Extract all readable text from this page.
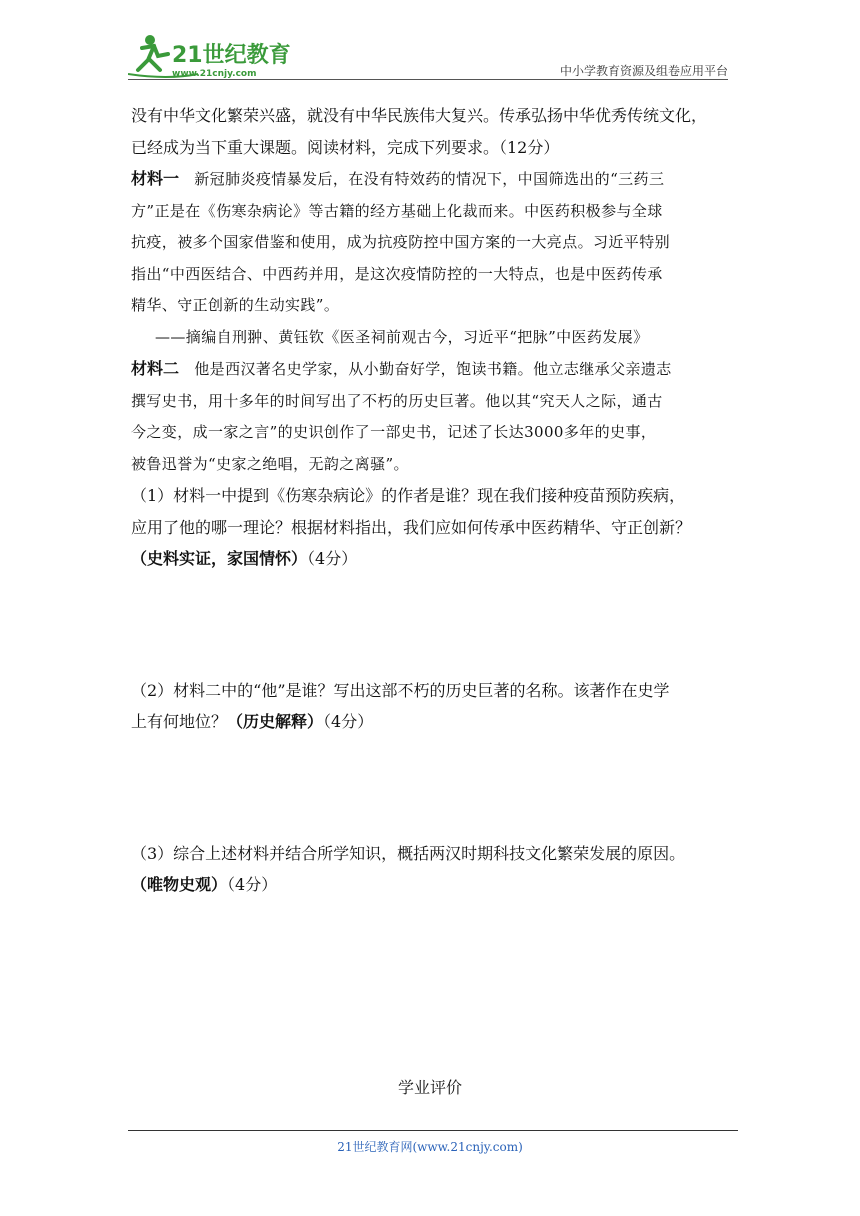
21世纪教育
www.21cnjy.com	中小学教育资源及组卷应用平台
没有中华文化繁荣兴盛，就没有中华民族伟大复兴。传承弘扬中华优秀传统文化，
已经成为当下重大课题。阅读材料，完成下列要求。（12分）
材料一 新冠肺炎疫情暴发后，在没有特效药的情况下，中国筛选出的“三药三
方”正是在《伤寒杂病论》等古籍的经方基础上化裁而来。中医药积极参与全球
抗疫，被多个国家借鉴和使用，成为抗疫防控中国方案的一大亮点。习近平特别
指出“中西医结合、中西药并用，是这次疫情防控的一大特点，也是中医药传承
精华、守正创新的生动实践”。
——摘编自刑翀、黄钰钦《医圣祠前观古今，习近平“把脉”中医药发展》
材料二 他是西汉著名史学家，从小勤奋好学，饱读书籍。他立志继承父亲遗志
撰写史书，用十多年的时间写出了不朽的历史巨著。他以其“究天人之际，通古
今之变，成一家之言”的史识创作了一部史书，记述了长达3000多年的史事，
被鲁迅誉为“史家之绝唱，无韵之离骚”。
（1）材料一中提到《伤寒杂病论》的作者是谁？现在我们接种疫苗预防疾病，
应用了他的哪一理论？根据材料指出，我们应如何传承中医药精华、守正创新？
（史料实证，家国情怀）（4分）
（2）材料二中的“他”是谁？写出这部不朽的历史巨著的名称。该著作在史学
上有何地位？（历史解释）（4分）
（3）综合上述材料并结合所学知识，概括两汉时期科技文化繁荣发展的原因。
（唯物史观）（4分）
学业评价
21世纪教育网(www.21cnjy.com)
